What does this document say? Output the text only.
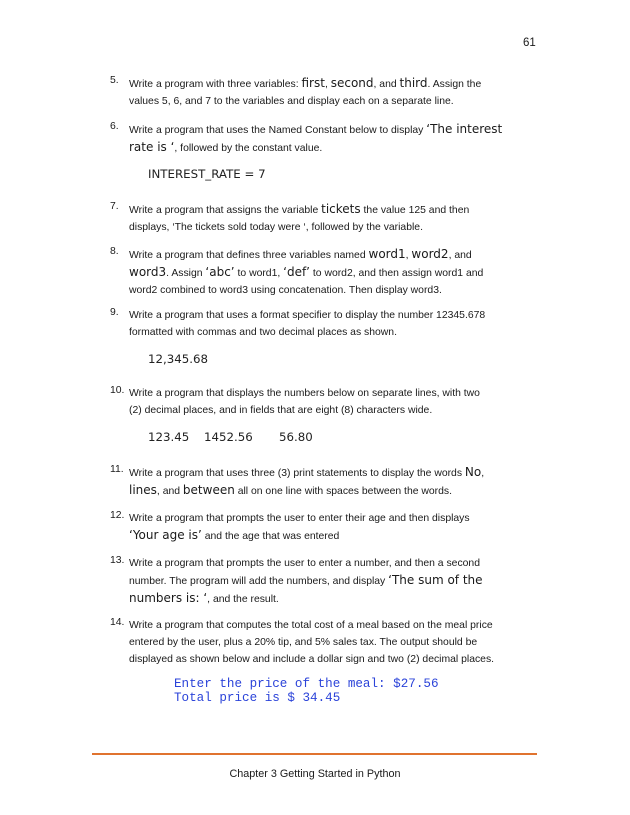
61
5. Write a program with three variables: first, second, and third. Assign the
values 5, 6, and 7 to the variables and display each on a separate line.
6. Write a program that uses the Named Constant below to display ‘The interest
rate is ‘, followed by the constant value.
INTEREST_RATE = 7
7. Write a program that assigns the variable tickets the value 125 and then
displays, ‘The tickets sold today were ‘, followed by the variable.
8. Write a program that defines three variables named word1, word2, and
word3. Assign ‘abc’ to word1, ‘def’ to word2, and then assign word1 and
word2 combined to word3 using concatenation. Then display word3.
9. Write a program that uses a format specifier to display the number 12345.678
formatted with commas and two decimal places as shown.
12,345.68
10. Write a program that displays the numbers below on separate lines, with two
(2) decimal places, and in fields that are eight (8) characters wide.
123.45 1452.56 56.80
11. Write a program that uses three (3) print statements to display the words No,
lines, and between all on one line with spaces between the words.
12. Write a program that prompts the user to enter their age and then displays
‘Your age is’ and the age that was entered
13. Write a program that prompts the user to enter a number, and then a second
number. The program will add the numbers, and display ‘The sum of the
numbers is: ‘, and the result.
14. Write a program that computes the total cost of a meal based on the meal price
entered by the user, plus a 20% tip, and 5% sales tax. The output should be
displayed as shown below and include a dollar sign and two (2) decimal places.
Enter the price of the meal: $27.56
Total price is $ 34.45
Chapter 3 Getting Started in Python
